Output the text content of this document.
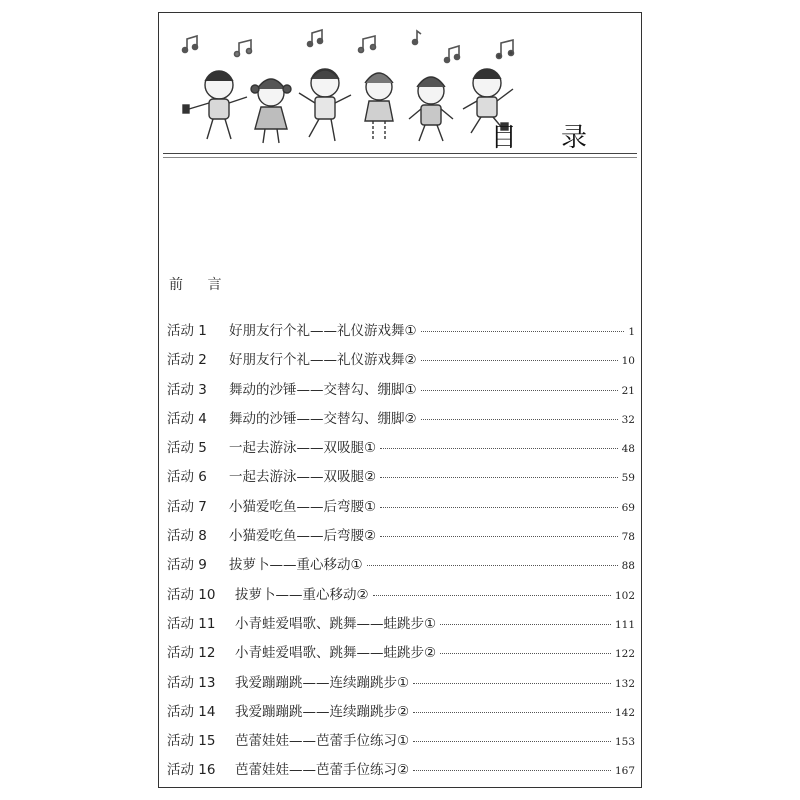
目 录
前 言
活动 1	好朋友行个礼——礼仪游戏舞①	1
活动 2	好朋友行个礼——礼仪游戏舞②	10
活动 3	舞动的沙锤——交替勾、绷脚①	21
活动 4	舞动的沙锤——交替勾、绷脚②	32
活动 5	一起去游泳——双吸腿①	48
活动 6	一起去游泳——双吸腿②	59
活动 7	小猫爱吃鱼——后弯腰①	69
活动 8	小猫爱吃鱼——后弯腰②	78
活动 9	拔萝卜——重心移动①	88
活动 10	拔萝卜——重心移动②	102
活动 11	小青蛙爱唱歌、跳舞——蛙跳步①	111
活动 12	小青蛙爱唱歌、跳舞——蛙跳步②	122
活动 13	我爱蹦蹦跳——连续蹦跳步①	132
活动 14	我爱蹦蹦跳——连续蹦跳步②	142
活动 15	芭蕾娃娃——芭蕾手位练习①	153
活动 16	芭蕾娃娃——芭蕾手位练习②	167
